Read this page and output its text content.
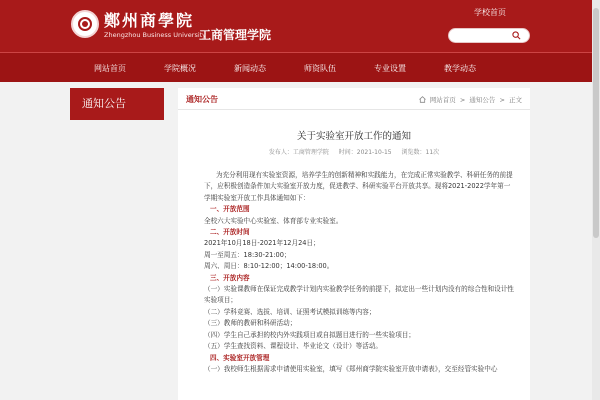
鄭州商學院
Zhengzhou Business University
工商管理学院
学校首页
网站首页	学院概况	新闻动态	师资队伍	专业设置	教学动态
通知公告	通知公告	网站首页 > 通知公告 > 正文
关于实验室开放工作的通知
发布人：工商管理学院 时间：2021-10-15 浏览数：11次
为充分利用现有实验室资源，培养学生的创新精神和实践能力，在完成正常实验教学、科研任务的前提下，应积极创造条件加大实验室开放力度，促进教学、科研实验平台开放共享。现将2021-2022学年第一学期实验室开放工作具体通知如下：
一、开放范围
全校六大实验中心实验室、体育部专业实验室。
二、开放时间
2021年10月18日-2021年12月24日；
周一至周五：18:30-21:00；
周六、周日：8:10-12:00；14:00-18:00。
三、开放内容
（一）实验课教师在保证完成教学计划内实验教学任务的前提下，拟定出一些计划内没有的综合性和设计性实验项目；
（二）学科竞赛、选拔、培训、证照考试模拟训练等内容；
（三）教师的教研和科研活动；
（四）学生自己承担的校内外实践项目或自拟题目进行的一些实验项目；
（五）学生查找资料、课程设计、毕业论文（设计）等活动。
四、实验室开放管理
（一）我校师生根据需求申请使用实验室，填写《郑州商学院实验室开放申请表》，交至经管实验中心
